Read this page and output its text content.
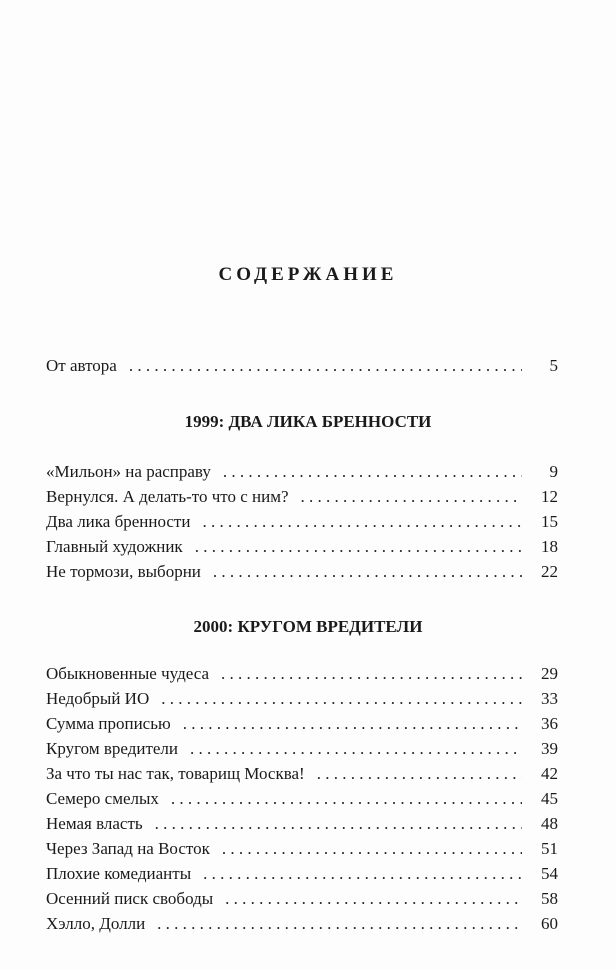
СОДЕРЖАНИЕ
От автора . . .	5
1999: ДВА ЛИКА БРЕННОСТИ
«Мильон» на расправу . . .	9
Вернулся. А делать-то что с ним? . . .	12
Два лика бренности . . .	15
Главный художник . . .	18
Не тормози, выборни . . .	22
2000: КРУГОМ ВРЕДИТЕЛИ
Обыкновенные чудеса . . .	29
Недобрый ИО . . .	33
Сумма прописью . . .	36
Кругом вредители . . .	39
За что ты нас так, товарищ Москва! . . .	42
Семеро смелых . . .	45
Немая власть . . .	48
Через Запад на Восток . . .	51
Плохие комедианты . . .	54
Осенний писк свободы . . .	58
Хэлло, Долли . . .	60
